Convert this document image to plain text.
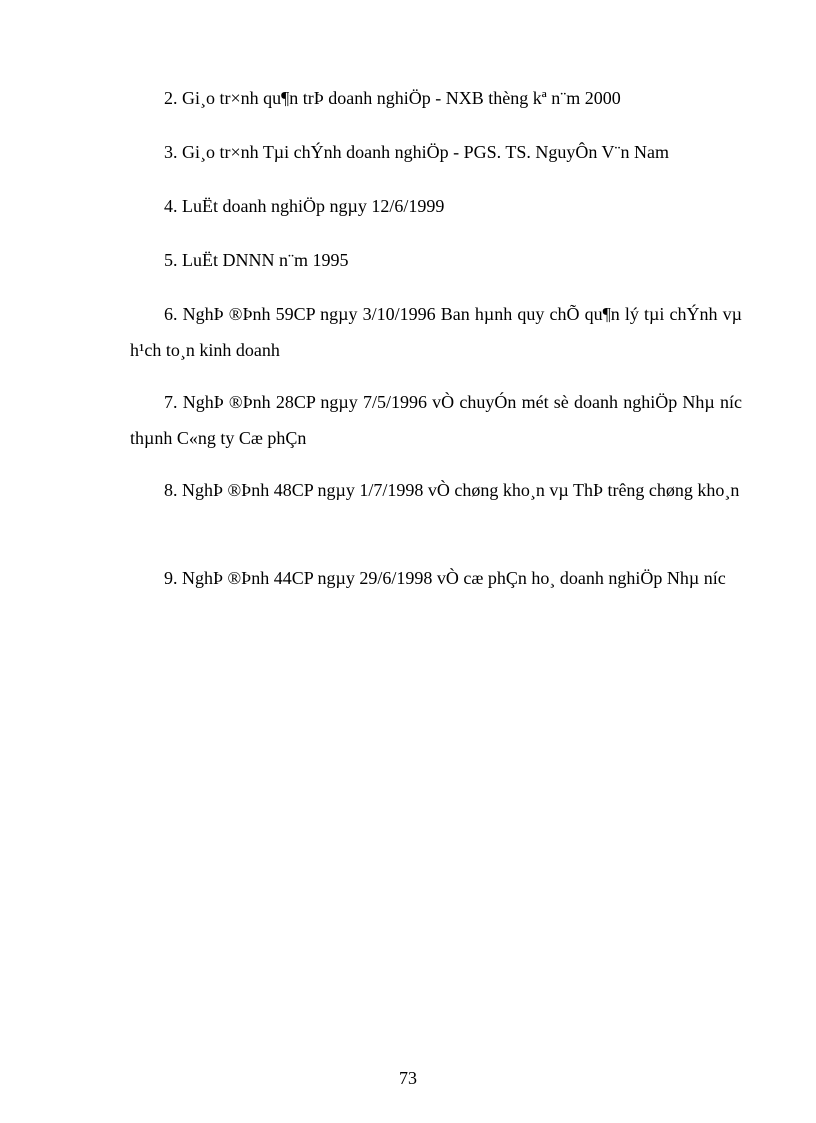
2. Gi¸o tr×nh qu¶n trÞ doanh nghiÖp - NXB thèng kª n¨m 2000

3. Gi¸o tr×nh Tµi chÝnh doanh nghiÖp - PGS. TS. NguyÔn V¨n Nam

4. LuËt doanh nghiÖp ngµy 12/6/1999

5. LuËt DNNN n¨m 1995

6. NghÞ ®Þnh 59CP ngµy 3/10/1996 Ban hµnh quy chÕ qu¶n lý tµi chÝnh vµ h¹ch to¸n kinh doanh

7. NghÞ ®Þnh 28CP ngµy 7/5/1996 vÒ chuyÓn mét sè doanh nghiÖp Nhµ níc thµnh C«ng ty Cæ phÇn

8. NghÞ ®Þnh 48CP ngµy 1/7/1998 vÒ chøng kho¸n vµ ThÞ trêng chøng kho¸n

9. NghÞ ®Þnh 44CP ngµy 29/6/1998 vÒ cæ phÇn ho¸ doanh nghiÖp Nhµ níc

73
